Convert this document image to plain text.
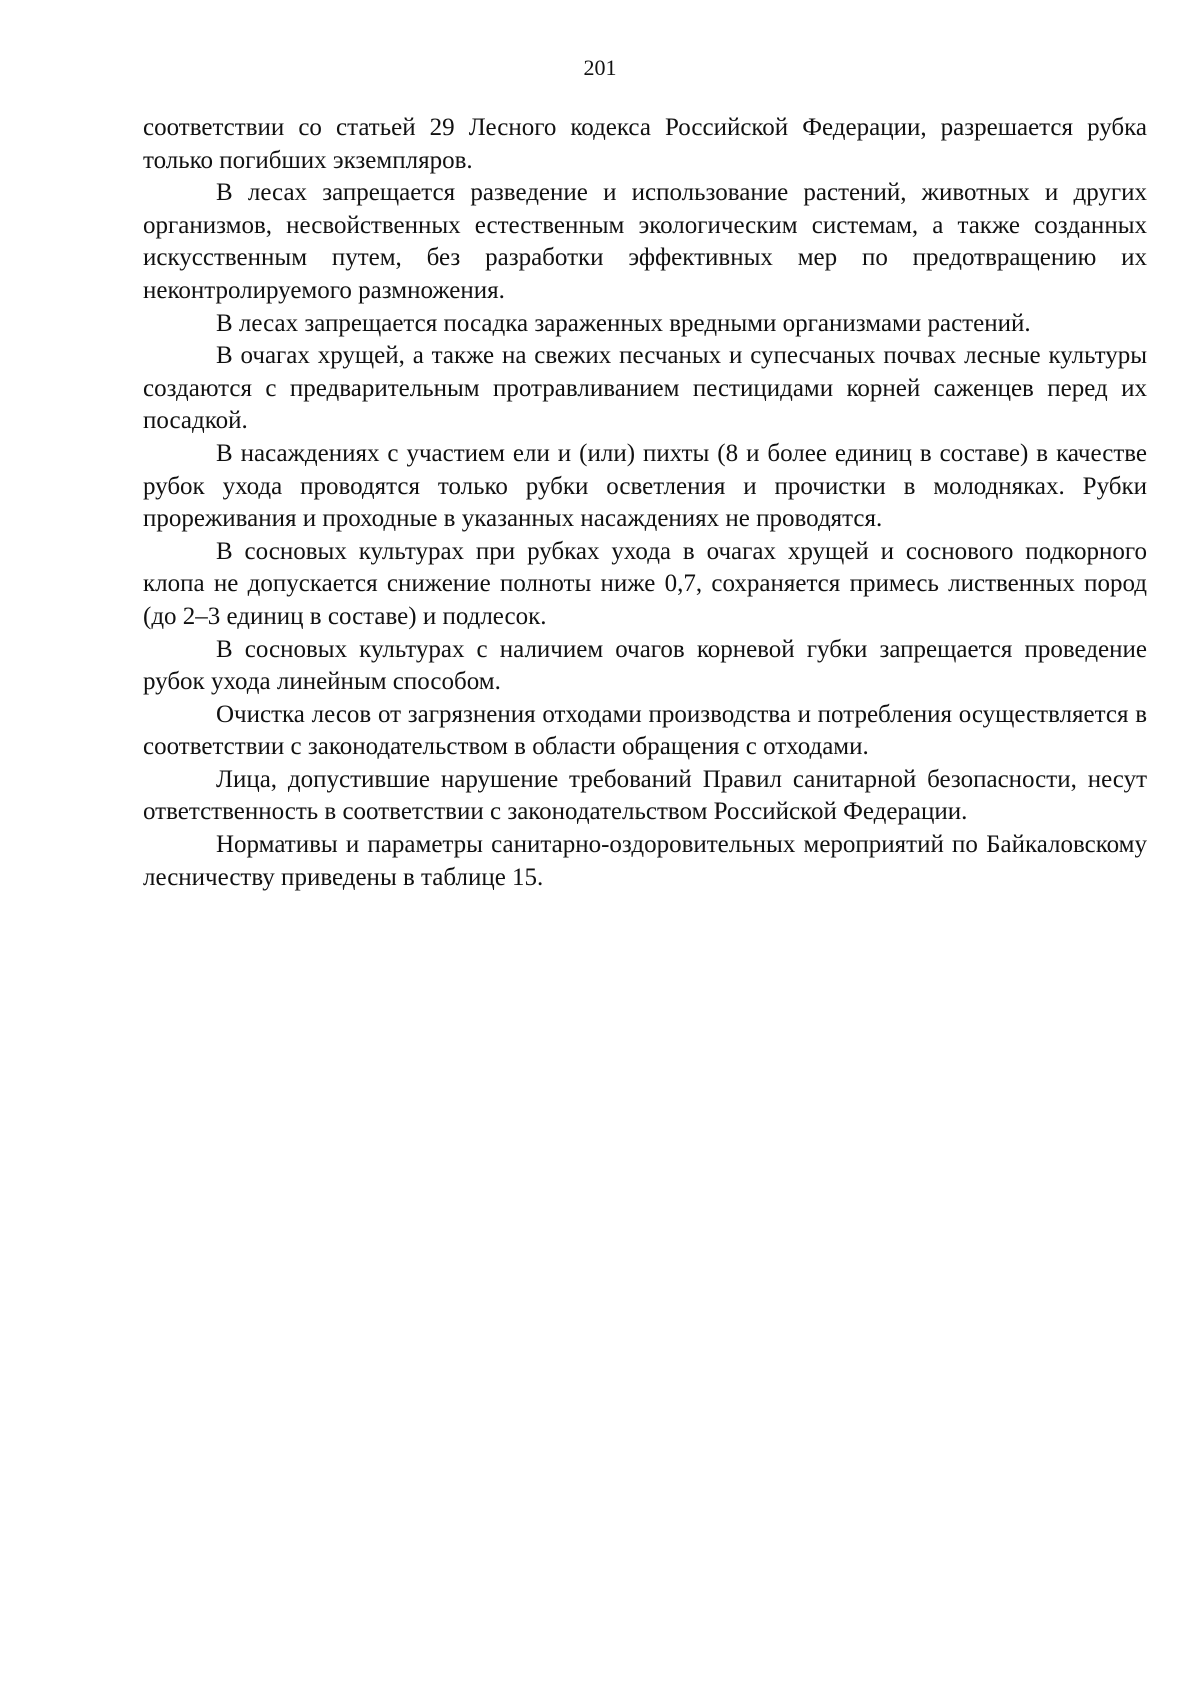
201

соответствии со статьей 29 Лесного кодекса Российской Федерации, разрешается рубка только погибших экземпляров.

В лесах запрещается разведение и использование растений, животных и других организмов, несвойственных естественным экологическим системам, а также созданных искусственным путем, без разработки эффективных мер по предотвращению их неконтролируемого размножения.

В лесах запрещается посадка зараженных вредными организмами растений.

В очагах хрущей, а также на свежих песчаных и супесчаных почвах лесные культуры создаются с предварительным протравливанием пестицидами корней саженцев перед их посадкой.

В насаждениях с участием ели и (или) пихты (8 и более единиц в составе) в качестве рубок ухода проводятся только рубки осветления и прочистки в молодняках. Рубки прореживания и проходные в указанных насаждениях не проводятся.

В сосновых культурах при рубках ухода в очагах хрущей и соснового подкорного клопа не допускается снижение полноты ниже 0,7, сохраняется примесь лиственных пород (до 2–3 единиц в составе) и подлесок.

В сосновых культурах с наличием очагов корневой губки запрещается проведение рубок ухода линейным способом.

Очистка лесов от загрязнения отходами производства и потребления осуществляется в соответствии с законодательством в области обращения с отходами.

Лица, допустившие нарушение требований Правил санитарной безопасности, несут ответственность в соответствии с законодательством Российской Федерации.

Нормативы и параметры санитарно-оздоровительных мероприятий по Байкаловскому лесничеству приведены в таблице 15.
